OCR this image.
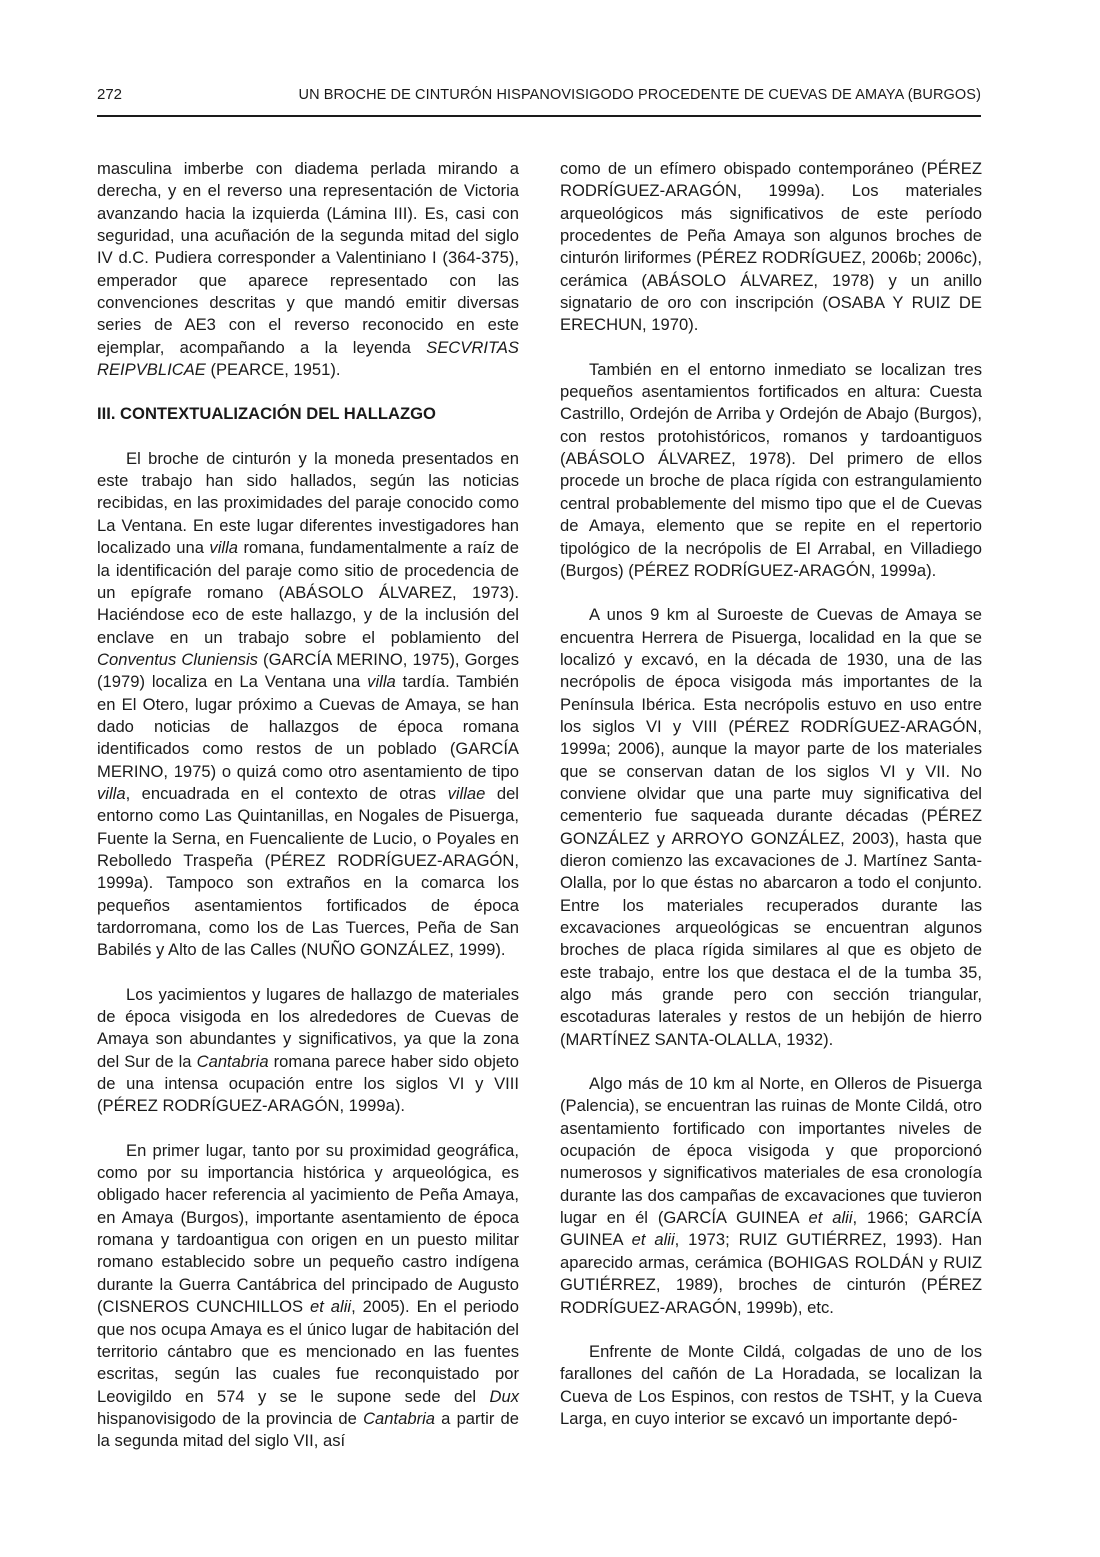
272	UN BROCHE DE CINTURÓN HISPANOVISIGODO PROCEDENTE DE CUEVAS DE AMAYA (BURGOS)

masculina imberbe con diadema perlada mirando a derecha, y en el reverso una representación de Victoria avanzando hacia la izquierda (Lámina III). Es, casi con seguridad, una acuñación de la segunda mitad del siglo IV d.C. Pudiera corresponder a Valentiniano I (364-375), emperador que aparece representado con las convenciones descritas y que mandó emitir diversas series de AE3 con el reverso reconocido en este ejemplar, acompañando a la leyenda SECVRITAS REIPVBLICAE (PEARCE, 1951).

III. CONTEXTUALIZACIÓN DEL HALLAZGO

El broche de cinturón y la moneda presentados en este trabajo han sido hallados, según las noticias recibidas, en las proximidades del paraje conocido como La Ventana. En este lugar diferentes investigadores han localizado una villa romana, fundamentalmente a raíz de la identificación del paraje como sitio de procedencia de un epígrafe romano (ABÁSOLO ÁLVAREZ, 1973). Haciéndose eco de este hallazgo, y de la inclusión del enclave en un trabajo sobre el poblamiento del Conventus Cluniensis (GARCÍA MERINO, 1975), Gorges (1979) localiza en La Ventana una villa tardía. También en El Otero, lugar próximo a Cuevas de Amaya, se han dado noticias de hallazgos de época romana identificados como restos de un poblado (GARCÍA MERINO, 1975) o quizá como otro asentamiento de tipo villa, encuadrada en el contexto de otras villae del entorno como Las Quintanillas, en Nogales de Pisuerga, Fuente la Serna, en Fuencaliente de Lucio, o Poyales en Rebolledo Traspeña (PÉREZ RODRÍGUEZ-ARAGÓN, 1999a). Tampoco son extraños en la comarca los pequeños asentamientos fortificados de época tardorromana, como los de Las Tuerces, Peña de San Babilés y Alto de las Calles (NUÑO GONZÁLEZ, 1999).

Los yacimientos y lugares de hallazgo de materiales de época visigoda en los alrededores de Cuevas de Amaya son abundantes y significativos, ya que la zona del Sur de la Cantabria romana parece haber sido objeto de una intensa ocupación entre los siglos VI y VIII (PÉREZ RODRÍGUEZ-ARAGÓN, 1999a).

En primer lugar, tanto por su proximidad geográfica, como por su importancia histórica y arqueológica, es obligado hacer referencia al yacimiento de Peña Amaya, en Amaya (Burgos), importante asentamiento de época romana y tardoantigua con origen en un puesto militar romano establecido sobre un pequeño castro indígena durante la Guerra Cantábrica del principado de Augusto (CISNEROS CUNCHILLOS et alii, 2005). En el periodo que nos ocupa Amaya es el único lugar de habitación del territorio cántabro que es mencionado en las fuentes escritas, según las cuales fue reconquistado por Leovigildo en 574 y se le supone sede del Dux hispanovisigodo de la provincia de Cantabria a partir de la segunda mitad del siglo VII, así

como de un efímero obispado contemporáneo (PÉREZ RODRÍGUEZ-ARAGÓN, 1999a). Los materiales arqueológicos más significativos de este período procedentes de Peña Amaya son algunos broches de cinturón liriformes (PÉREZ RODRÍGUEZ, 2006b; 2006c), cerámica (ABÁSOLO ÁLVAREZ, 1978) y un anillo signatario de oro con inscripción (OSABA Y RUIZ DE ERECHUN, 1970).

También en el entorno inmediato se localizan tres pequeños asentamientos fortificados en altura: Cuesta Castrillo, Ordejón de Arriba y Ordejón de Abajo (Burgos), con restos protohistóricos, romanos y tardoantiguos (ABÁSOLO ÁLVAREZ, 1978). Del primero de ellos procede un broche de placa rígida con estrangulamiento central probablemente del mismo tipo que el de Cuevas de Amaya, elemento que se repite en el repertorio tipológico de la necrópolis de El Arrabal, en Villadiego (Burgos) (PÉREZ RODRÍGUEZ-ARAGÓN, 1999a).

A unos 9 km al Suroeste de Cuevas de Amaya se encuentra Herrera de Pisuerga, localidad en la que se localizó y excavó, en la década de 1930, una de las necrópolis de época visigoda más importantes de la Península Ibérica. Esta necrópolis estuvo en uso entre los siglos VI y VIII (PÉREZ RODRÍGUEZ-ARAGÓN, 1999a; 2006), aunque la mayor parte de los materiales que se conservan datan de los siglos VI y VII. No conviene olvidar que una parte muy significativa del cementerio fue saqueada durante décadas (PÉREZ GONZÁLEZ y ARROYO GONZÁLEZ, 2003), hasta que dieron comienzo las excavaciones de J. Martínez Santa-Olalla, por lo que éstas no abarcaron a todo el conjunto. Entre los materiales recuperados durante las excavaciones arqueológicas se encuentran algunos broches de placa rígida similares al que es objeto de este trabajo, entre los que destaca el de la tumba 35, algo más grande pero con sección triangular, escotaduras laterales y restos de un hebijón de hierro (MARTÍNEZ SANTA-OLALLA, 1932).

Algo más de 10 km al Norte, en Olleros de Pisuerga (Palencia), se encuentran las ruinas de Monte Cildá, otro asentamiento fortificado con importantes niveles de ocupación de época visigoda y que proporcionó numerosos y significativos materiales de esa cronología durante las dos campañas de excavaciones que tuvieron lugar en él (GARCÍA GUINEA et alii, 1966; GARCÍA GUINEA et alii, 1973; RUIZ GUTIÉRREZ, 1993). Han aparecido armas, cerámica (BOHIGAS ROLDÁN y RUIZ GUTIÉRREZ, 1989), broches de cinturón (PÉREZ RODRÍGUEZ-ARAGÓN, 1999b), etc.

Enfrente de Monte Cildá, colgadas de uno de los farallones del cañón de La Horadada, se localizan la Cueva de Los Espinos, con restos de TSHT, y la Cueva Larga, en cuyo interior se excavó un importante depó-
